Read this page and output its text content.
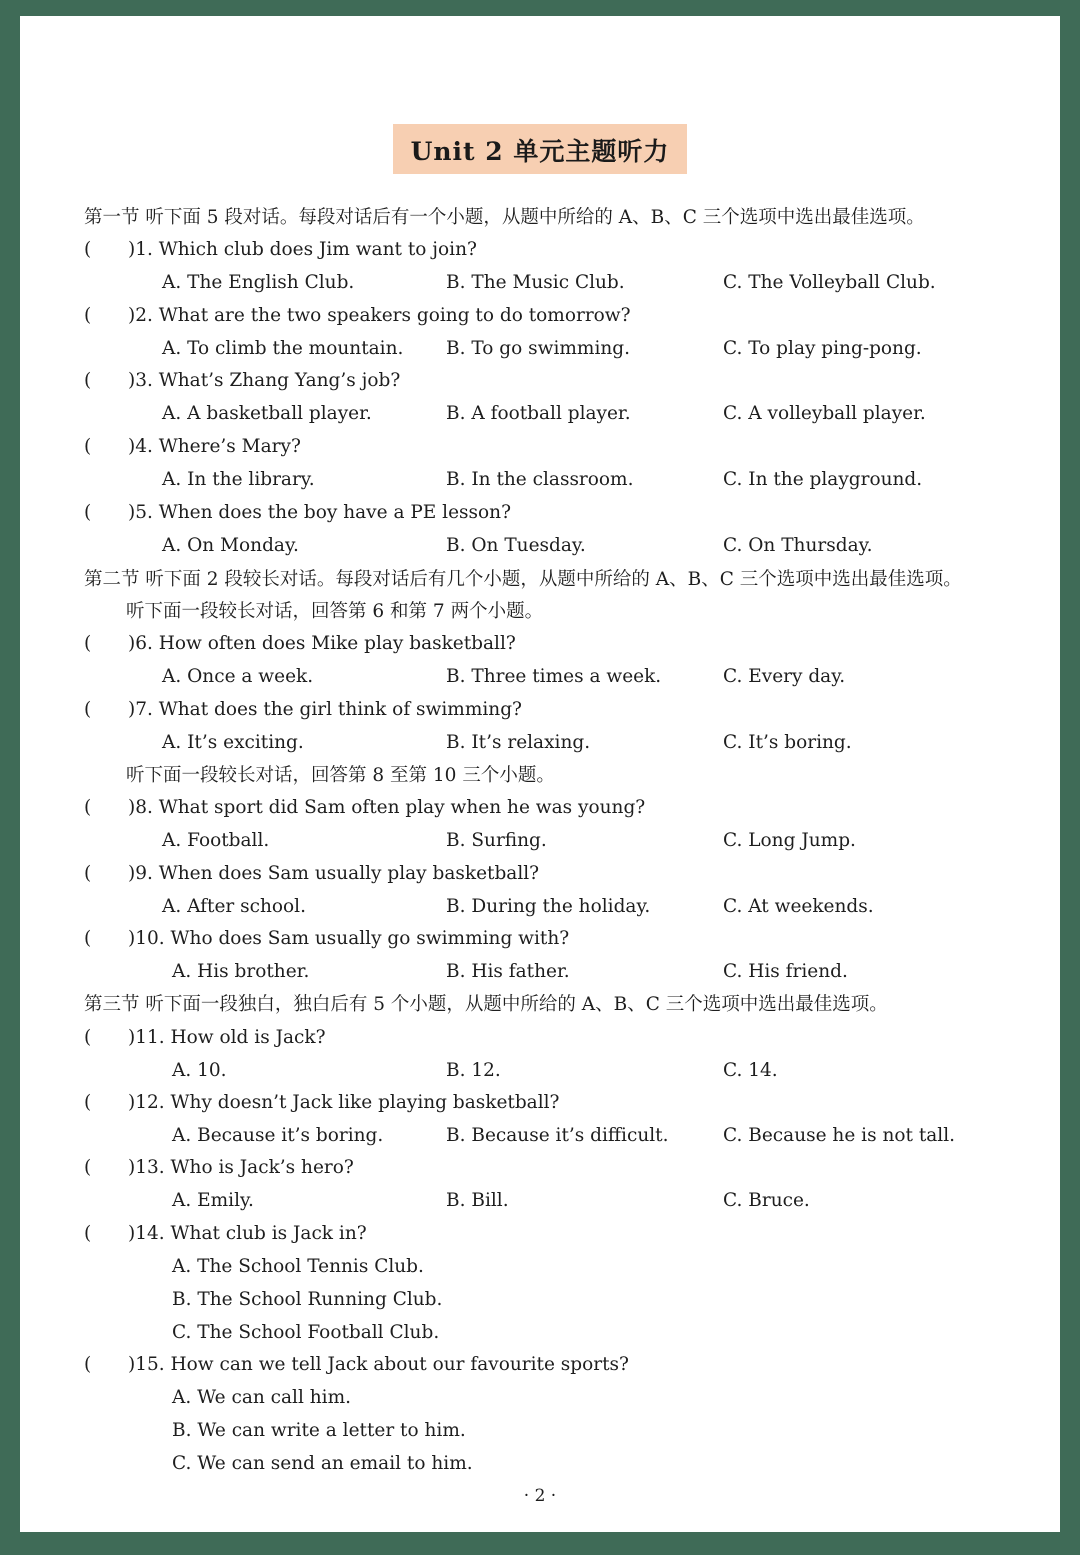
Unit 2 单元主题听力
第一节 听下面 5 段对话。每段对话后有一个小题，从题中所给的 A、B、C 三个选项中选出最佳选项。
( )1. Which club does Jim want to join?
A. The English Club.	B. The Music Club.	C. The Volleyball Club.
( )2. What are the two speakers going to do tomorrow?
A. To climb the mountain. B. To go swimming.	C. To play ping-pong.
( )3. What’s Zhang Yang’s job?
A. A basketball player.	B. A football player.	C. A volleyball player.
( )4. Where’s Mary?
A. In the library.	B. In the classroom.	C. In the playground.
( )5. When does the boy have a PE lesson?
A. On Monday.	B. On Tuesday.	C. On Thursday.
第二节 听下面 2 段较长对话。每段对话后有几个小题，从题中所给的 A、B、C 三个选项中选出最佳选项。
听下面一段较长对话，回答第 6 和第 7 两个小题。
( )6. How often does Mike play basketball?
A. Once a week.	B. Three times a week.	C. Every day.
( )7. What does the girl think of swimming?
A. It’s exciting.	B. It’s relaxing.	C. It’s boring.
听下面一段较长对话，回答第 8 至第 10 三个小题。
( )8. What sport did Sam often play when he was young?
A. Football.	B. Surfing.	C. Long Jump.
( )9. When does Sam usually play basketball?
A. After school.	B. During the holiday.	C. At weekends.
( )10. Who does Sam usually go swimming with?
A. His brother.	B. His father.	C. His friend.
第三节 听下面一段独白，独白后有 5 个小题，从题中所给的 A、B、C 三个选项中选出最佳选项。
( )11. How old is Jack?
A. 10.	B. 12.	C. 14.
( )12. Why doesn’t Jack like playing basketball?
A. Because it’s boring.	B. Because it’s difficult.	C. Because he is not tall.
( )13. Who is Jack’s hero?
A. Emily.	B. Bill.	C. Bruce.
( )14. What club is Jack in?
A. The School Tennis Club.
B. The School Running Club.
C. The School Football Club.
( )15. How can we tell Jack about our favourite sports?
A. We can call him.
B. We can write a letter to him.
C. We can send an email to him.
· 2 ·
